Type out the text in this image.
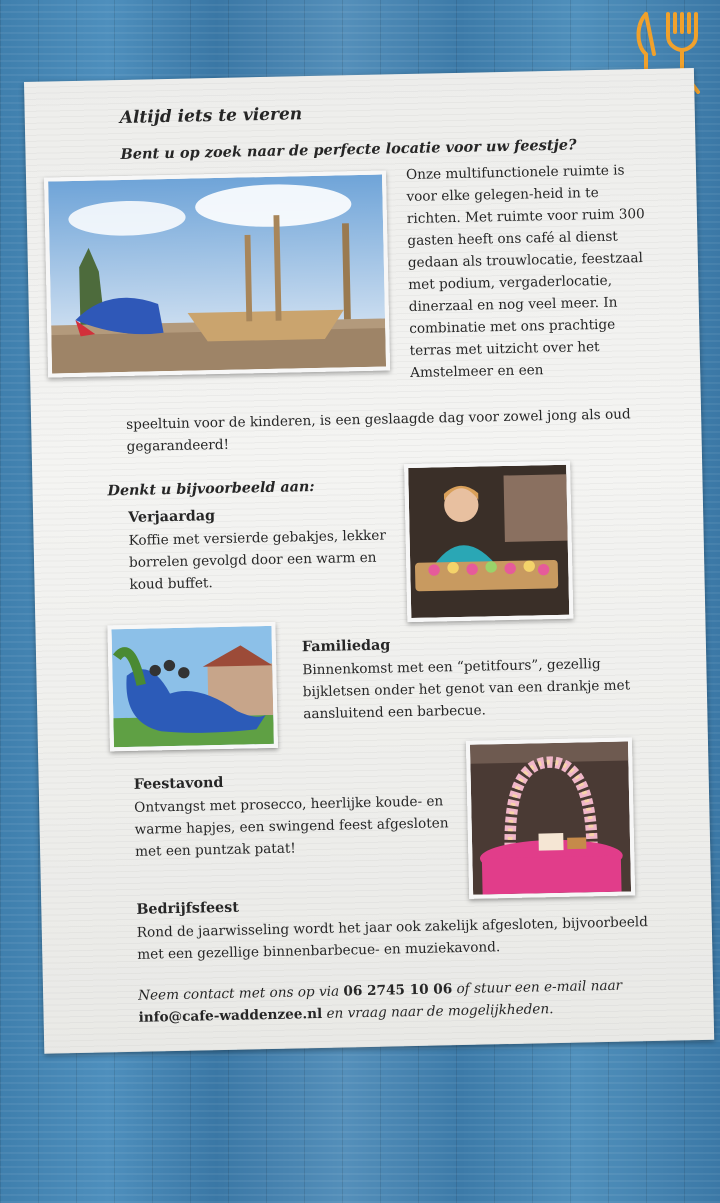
Altijd iets te vieren
Bent u op zoek naar de perfecte locatie voor uw feestje?
Onze multifunctionele ruimte is voor elke gelegen-heid in te richten. Met ruimte voor ruim 300 gasten heeft ons café al dienst gedaan als trouwlocatie, feestzaal met podium, vergaderlocatie, dinerzaal en nog veel meer. In combinatie met ons prachtige terras met uitzicht over het Amstelmeer en een
speeltuin voor de kinderen, is een geslaagde dag voor zowel jong als oud gegarandeerd!
Denkt u bijvoorbeeld aan:
Verjaardag
Koffie met versierde gebakjes, lekker borrelen gevolgd door een warm en koud buffet.
Familiedag
Binnenkomst met een “petitfours”, gezellig bijkletsen onder het genot van een drankje met aansluitend een barbecue.
Feestavond
Ontvangst met prosecco, heerlijke koude- en warme hapjes, een swingend feest afgesloten met een puntzak patat!
Bedrijfsfeest
Rond de jaarwisseling wordt het jaar ook zakelijk afgesloten, bijvoorbeeld met een gezellige binnenbarbecue- en muziekavond.
Neem contact met ons op via 06 2745 10 06 of stuur een e-mail naar info@cafe-waddenzee.nl en vraag naar de mogelijkheden.
